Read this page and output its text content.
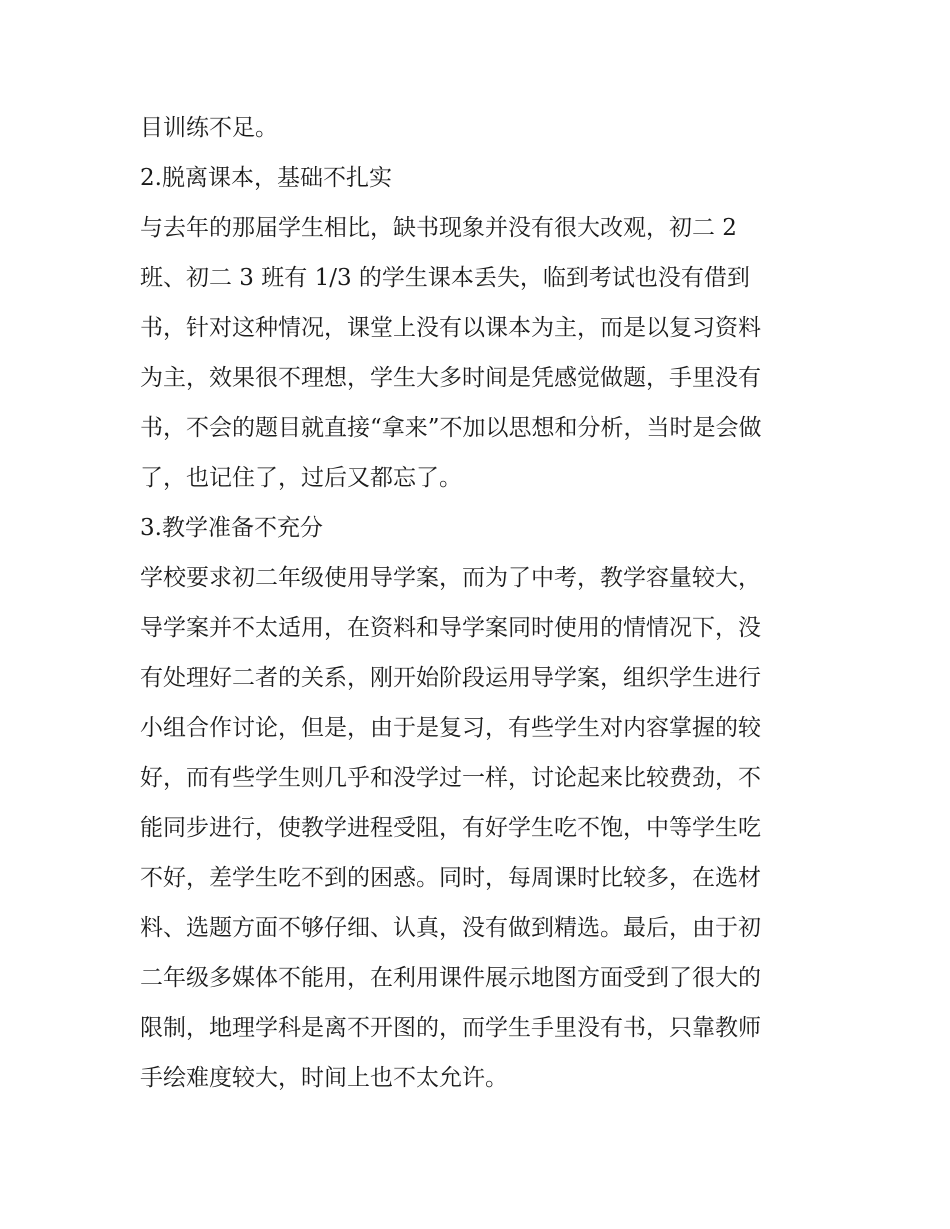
目训练不足。

2.脱离课本，基础不扎实

与去年的那届学生相比，缺书现象并没有很大改观，初二 2

班、初二 3 班有 1/3 的学生课本丢失，临到考试也没有借到

书，针对这种情况，课堂上没有以课本为主，而是以复习资料

为主，效果很不理想，学生大多时间是凭感觉做题，手里没有

书，不会的题目就直接“拿来”不加以思想和分析，当时是会做

了，也记住了，过后又都忘了。

3.教学准备不充分

学校要求初二年级使用导学案，而为了中考，教学容量较大，

导学案并不太适用，在资料和导学案同时使用的情情况下，没

有处理好二者的关系，刚开始阶段运用导学案，组织学生进行

小组合作讨论，但是，由于是复习，有些学生对内容掌握的较

好，而有些学生则几乎和没学过一样，讨论起来比较费劲，不

能同步进行，使教学进程受阻，有好学生吃不饱，中等学生吃

不好，差学生吃不到的困惑。同时，每周课时比较多，在选材

料、选题方面不够仔细、认真，没有做到精选。最后，由于初

二年级多媒体不能用，在利用课件展示地图方面受到了很大的

限制，地理学科是离不开图的，而学生手里没有书，只靠教师

手绘难度较大，时间上也不太允许。
